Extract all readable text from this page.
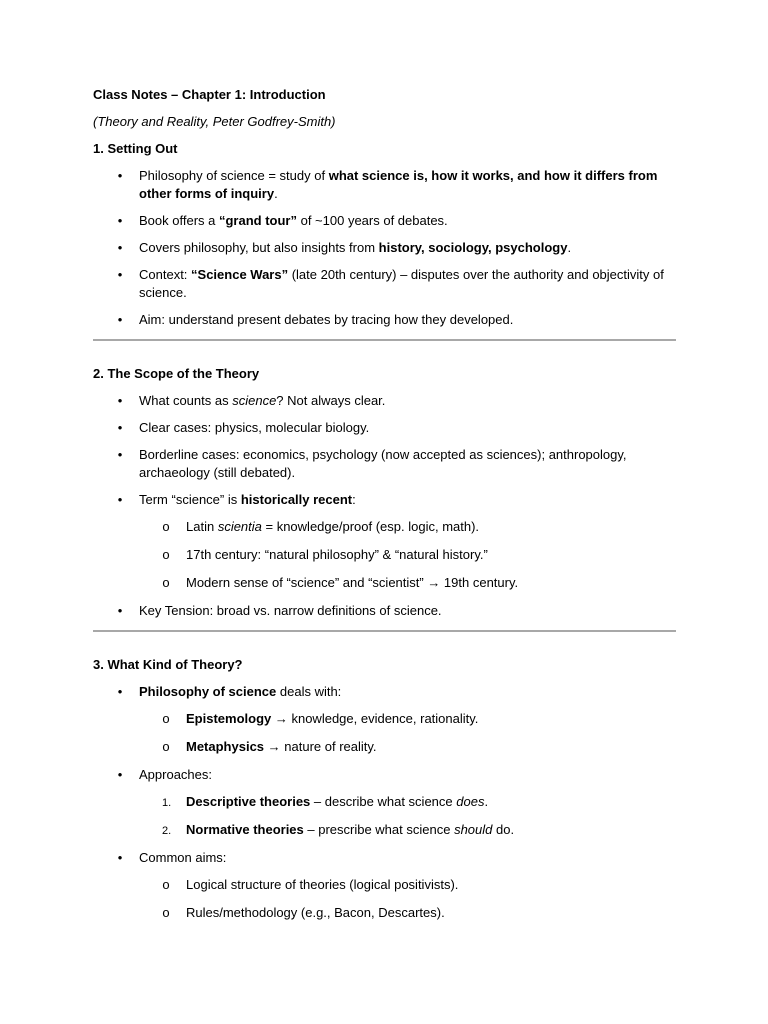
Class Notes – Chapter 1: Introduction

(Theory and Reality, Peter Godfrey-Smith)

1. Setting Out

• Philosophy of science = study of what science is, how it works, and how it differs from other forms of inquiry.
• Book offers a “grand tour” of ~100 years of debates.
• Covers philosophy, but also insights from history, sociology, psychology.
• Context: “Science Wars” (late 20th century) – disputes over the authority and objectivity of science.
• Aim: understand present debates by tracing how they developed.

2. The Scope of the Theory

• What counts as science? Not always clear.
• Clear cases: physics, molecular biology.
• Borderline cases: economics, psychology (now accepted as sciences); anthropology, archaeology (still debated).
• Term “science” is historically recent:
o Latin scientia = knowledge/proof (esp. logic, math).
o 17th century: “natural philosophy” & “natural history.”
o Modern sense of “science” and “scientist” → 19th century.
• Key Tension: broad vs. narrow definitions of science.

3. What Kind of Theory?

• Philosophy of science deals with:
o Epistemology → knowledge, evidence, rationality.
o Metaphysics → nature of reality.
• Approaches:
1. Descriptive theories – describe what science does.
2. Normative theories – prescribe what science should do.
• Common aims:
o Logical structure of theories (logical positivists).
o Rules/methodology (e.g., Bacon, Descartes).
